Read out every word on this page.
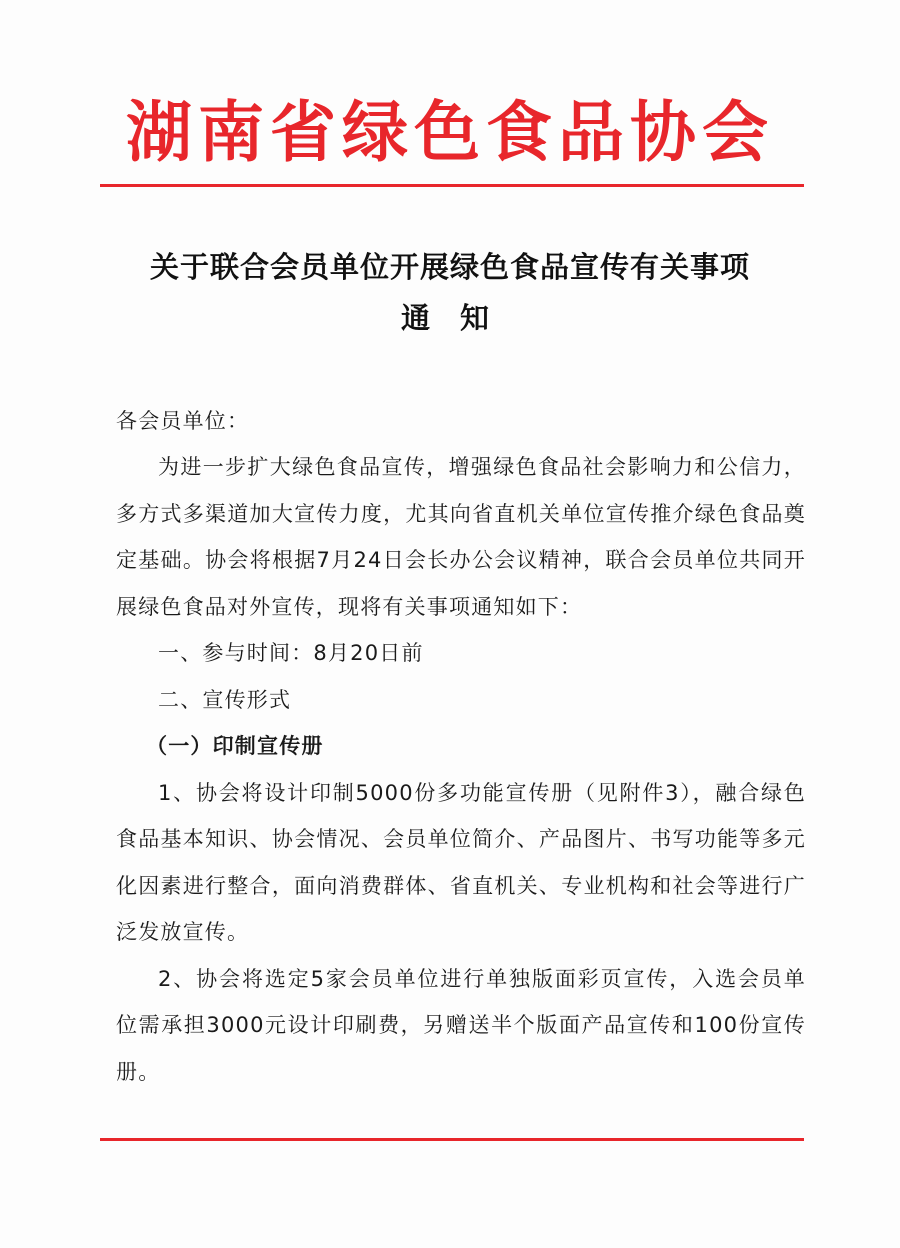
湖南省绿色食品协会
关于联合会员单位开展绿色食品宣传有关事项
通 知
各会员单位：

为进一步扩大绿色食品宣传，增强绿色食品社会影响力和公信力，多方式多渠道加大宣传力度，尤其向省直机关单位宣传推介绿色食品奠定基础。协会将根据7月24日会长办公会议精神，联合会员单位共同开展绿色食品对外宣传，现将有关事项通知如下：

一、参与时间：8月20日前

二、宣传形式

（一）印制宣传册

1、协会将设计印制5000份多功能宣传册（见附件3），融合绿色食品基本知识、协会情况、会员单位简介、产品图片、书写功能等多元化因素进行整合，面向消费群体、省直机关、专业机构和社会等进行广泛发放宣传。

2、协会将选定5家会员单位进行单独版面彩页宣传，入选会员单位需承担3000元设计印刷费，另赠送半个版面产品宣传和100份宣传册。
